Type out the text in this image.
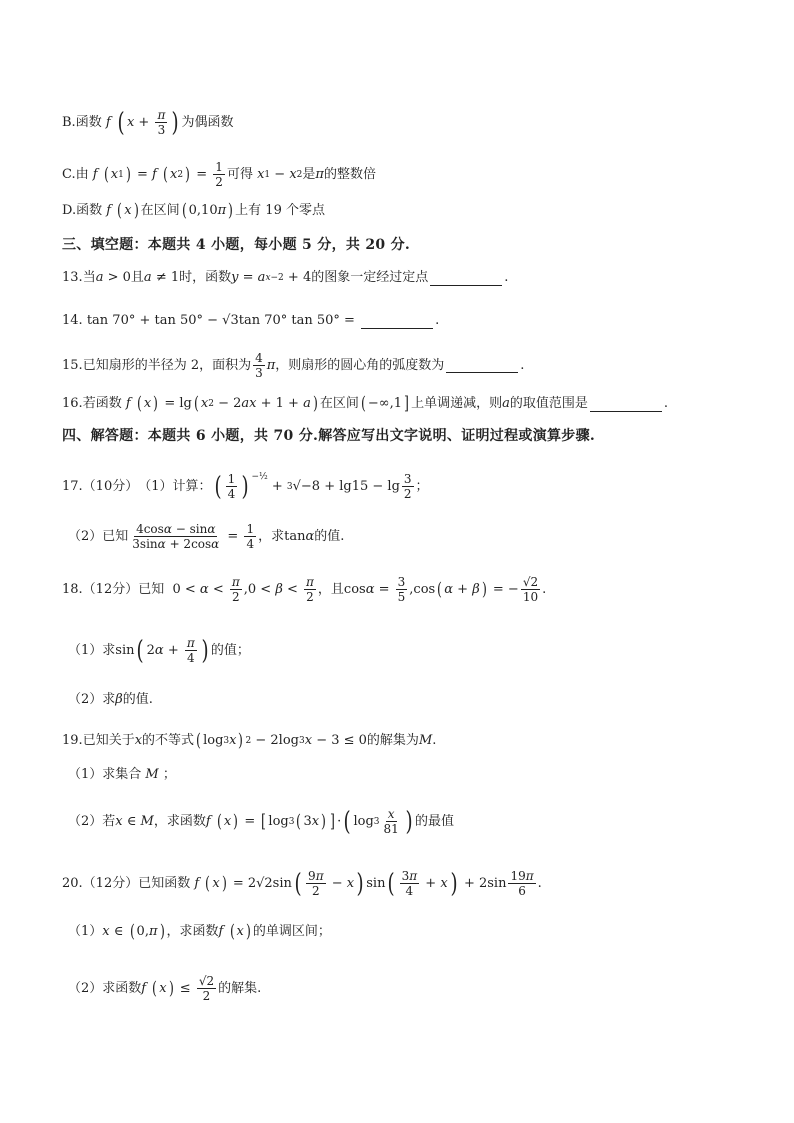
B. 函数 f ( $x + \frac{\pi}{3}$ ) 为偶函数
C. 由 f ( x 1 ) = f ( x 2 ) = $\frac{1}{2}$ 可得 x 1 − x 2 是 π 的整数倍
D. 函数 f ( x ) 在区间 ( 0,10 π ) 上有 19 个零点
三、填空题：本题共 4 小题，每小题 5 分，共 20 分.
13. 当 a > 0 且 a ≠ 1 时，函数 y = a x −2 + 4 的图象一定经过定点	.
14.
tan 70° + tan 50° − √3tan 70° tan 50° =	.
15. 已知扇形的半径为 2，面积为 $\frac{4}{3}$ π ，则扇形的圆心角的弧度数为	.
16. 若函数 f ( x ) = lg ( x 2 − 2 ax + 1 + a ) 在区间 ( −∞,1 ] 上单调递减，则 a 的取值范围是	.
四、解答题：本题共 6 小题，共 70 分.解答应写出文字说明、证明过程或演算步骤.
17.（10分） （1）计算： ( $\frac{1}{4}$ ) $^{-\frac{1}{2}}$
+ $_3$ $√-8 + \lg 15 - \lg \frac{3}{2}$ ；
（2）已知 $\frac{4\cos\alpha - \sin\alpha}{3\sin\alpha + 2\cos\alpha} = \frac{1}{4}$ ，求 tanα 的值.
18.（12分）已知 $0 < \alpha < \frac{\pi}{2} ,0 < \beta < \frac{\pi}{2}$ ，且 $\cos \alpha = \frac{3}{5} ,\cos$ ( α + β ) = − $\frac{√2}{10}$ .
（1）求 sin ( 2 $\alpha + \frac{\pi}{4}$ ) 的值；
（2）求 β 的值.
19. 已知关于 x 的不等式 ( log 3 x ) 2 − 2log 3 x − 3 ≤ 0 的解集为 M .
（1）求集合 M ；
（2）若 x ∈ M ，求函数 f ( x ) = [ log 3 ( 3 x ) ] · ( $\log 3 \frac{x}{81}$ ) 的最值
20.（12分）已知函数 f ( x ) = 2√2sin ( $\frac{9\pi}{2} - x$ ) sin ( $\frac{3\pi}{4} + x$ ) + $2\sin \frac{19\pi}{6}$ .
（1） x ∈ ( 0, π ) ，求函数 f ( x ) 的单调区间；
（2）求函数 f ( x ) ≤ $\frac{√2}{2}$ 的解集.
